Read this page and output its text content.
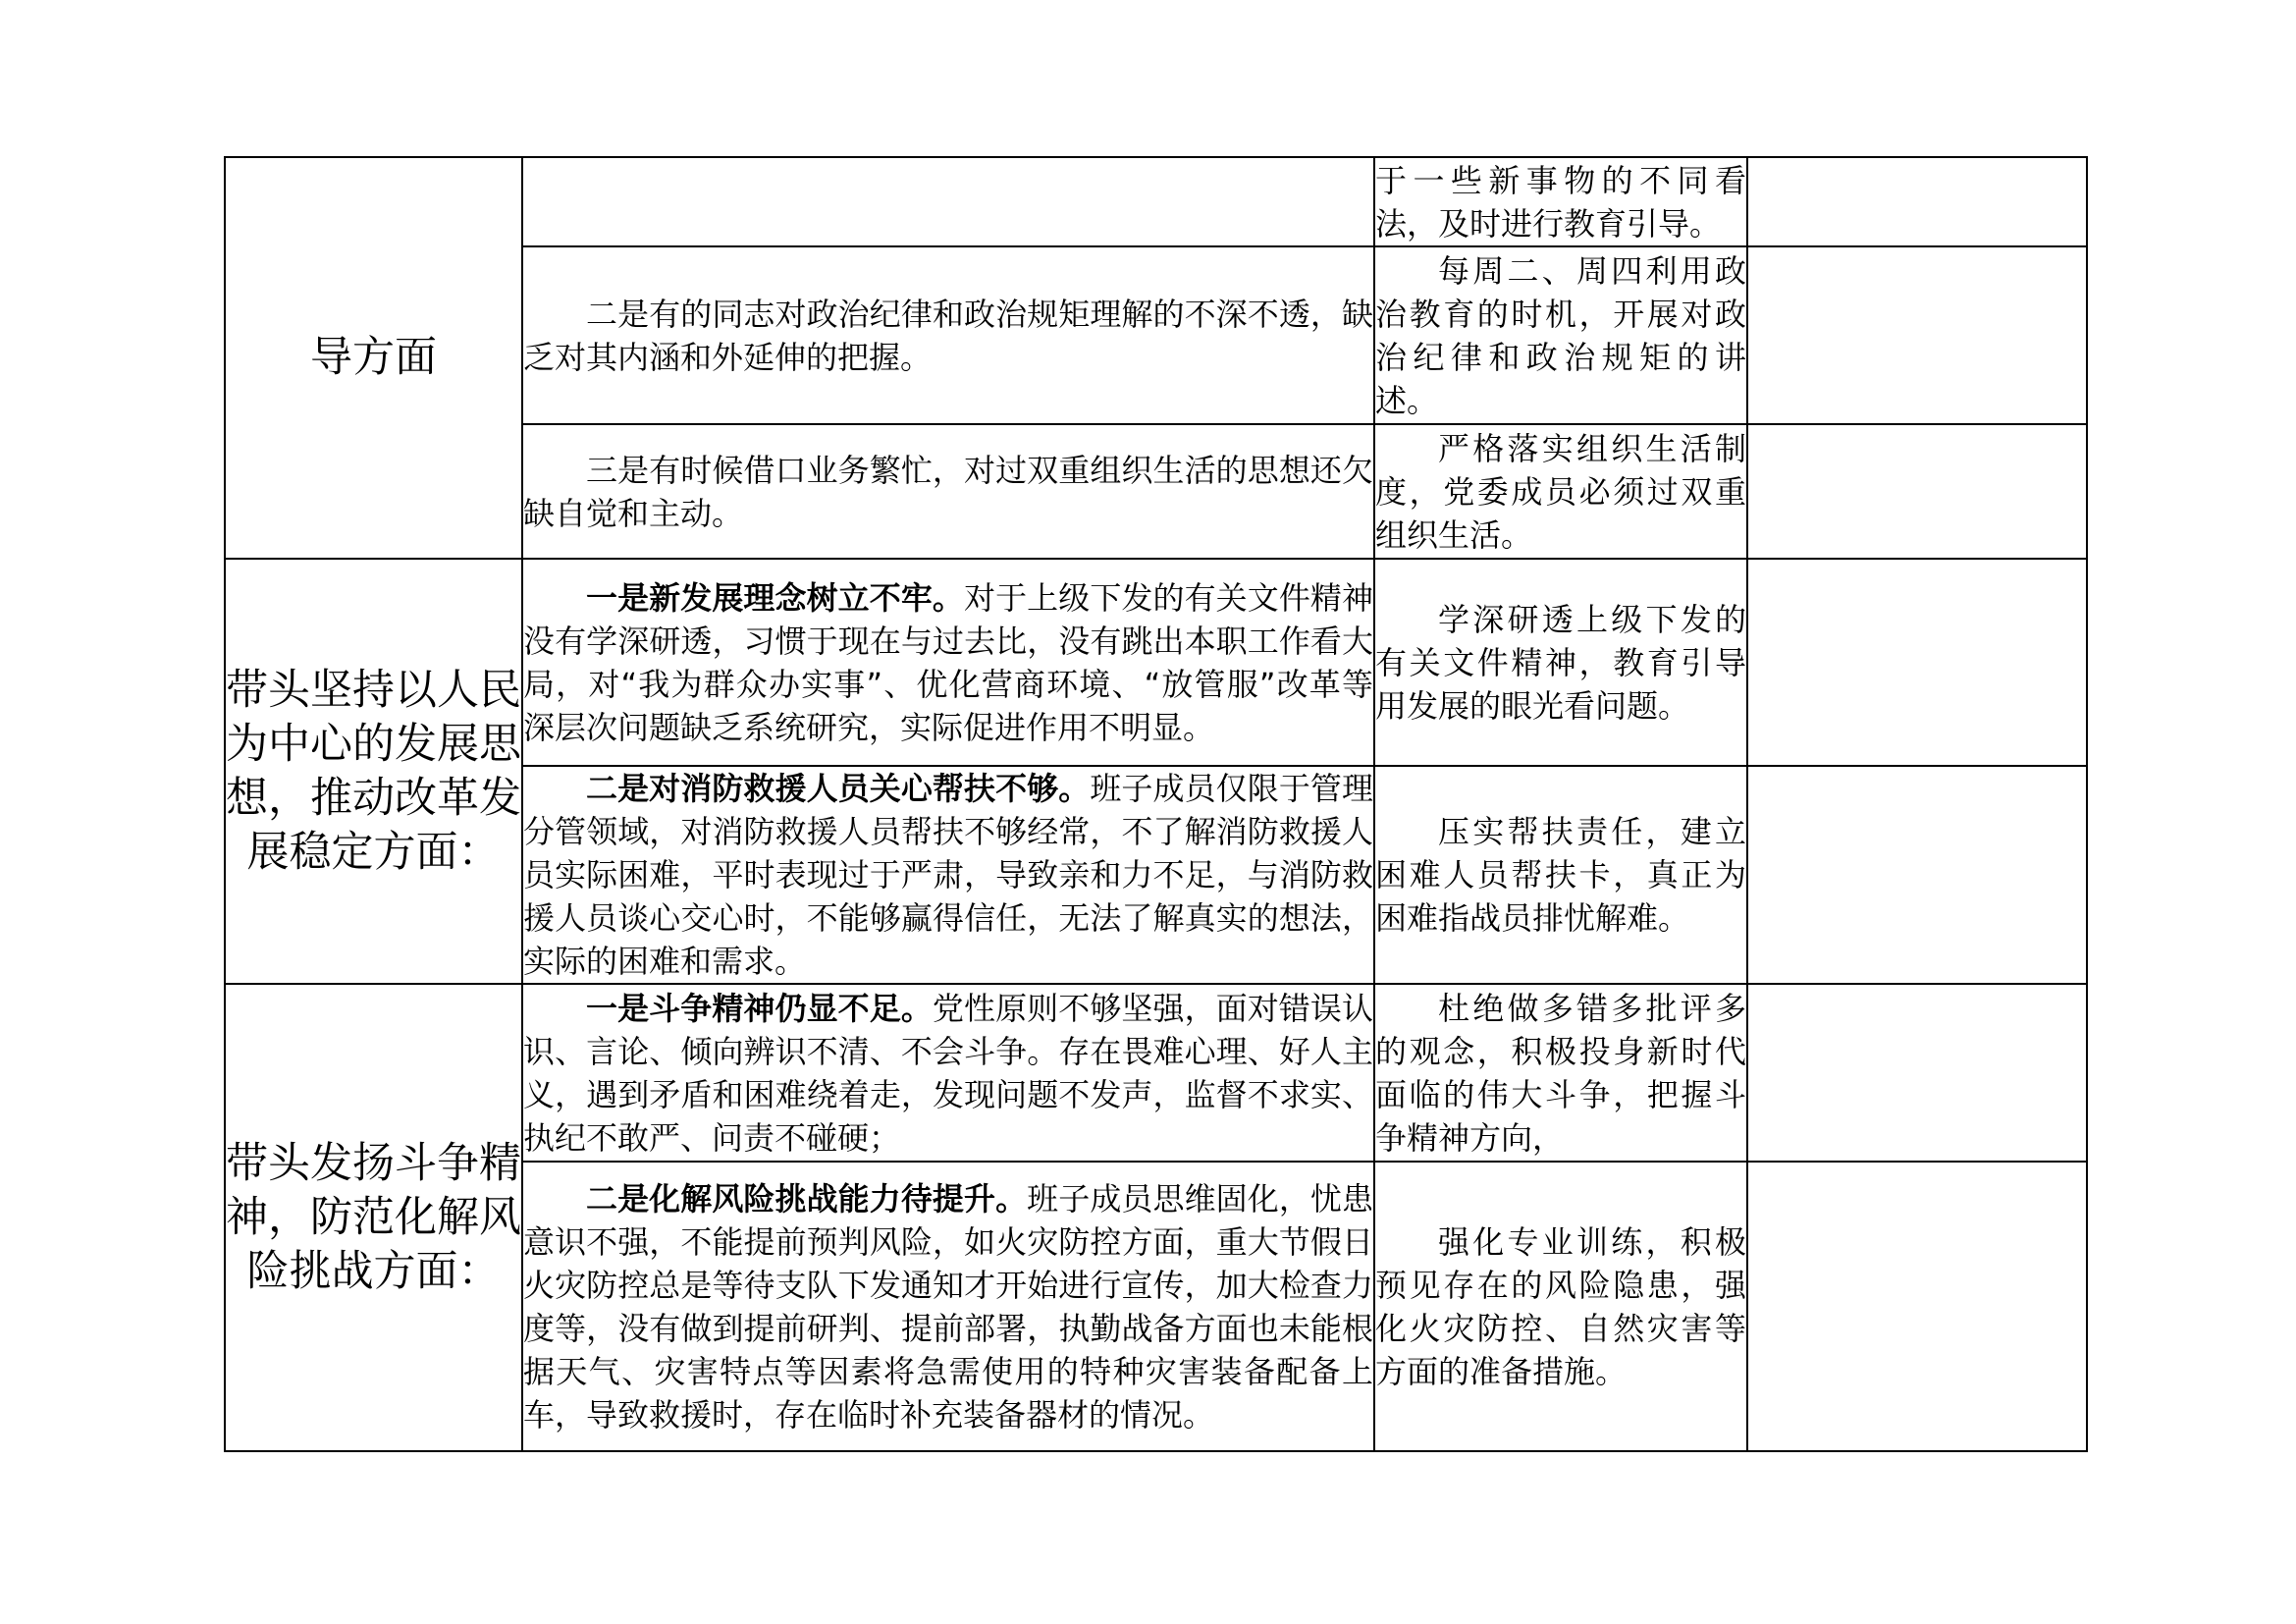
导方面		于一些新事物的不同看法，及时进行教育引导。	

	二是有的同志对政治纪律和政治规矩理解的不深不透，缺乏对其内涵和外延伸的把握。	每周二、周四利用政治教育的时机，开展对政治纪律和政治规矩的讲述。	

	三是有时候借口业务繁忙，对过双重组织生活的思想还欠缺自觉和主动。	严格落实组织生活制度，党委成员必须过双重组织生活。	

带头坚持以人民为中心的发展思想，推动改革发展稳定方面：	一是新发展理念树立不牢。对于上级下发的有关文件精神没有学深研透，习惯于现在与过去比，没有跳出本职工作看大局，对“我为群众办实事”、优化营商环境、“放管服”改革等深层次问题缺乏系统研究，实际促进作用不明显。	学深研透上级下发的有关文件精神，教育引导用发展的眼光看问题。	

	二是对消防救援人员关心帮扶不够。班子成员仅限于管理分管领域，对消防救援人员帮扶不够经常，不了解消防救援人员实际困难，平时表现过于严肃，导致亲和力不足，与消防救援人员谈心交心时，不能够赢得信任，无法了解真实的想法，实际的困难和需求。	压实帮扶责任，建立困难人员帮扶卡，真正为困难指战员排忧解难。	

带头发扬斗争精神，防范化解风险挑战方面：	一是斗争精神仍显不足。党性原则不够坚强，面对错误认识、言论、倾向辨识不清、不会斗争。存在畏难心理、好人主义，遇到矛盾和困难绕着走，发现问题不发声，监督不求实、执纪不敢严、问责不碰硬；	杜绝做多错多批评多的观念，积极投身新时代面临的伟大斗争，把握斗争精神方向，	

	二是化解风险挑战能力待提升。班子成员思维固化，忧患意识不强，不能提前预判风险，如火灾防控方面，重大节假日火灾防控总是等待支队下发通知才开始进行宣传，加大检查力度等，没有做到提前研判、提前部署，执勤战备方面也未能根据天气、灾害特点等因素将急需使用的特种灾害装备配备上车，导致救援时，存在临时补充装备器材的情况。	强化专业训练，积极预见存在的风险隐患，强化火灾防控、自然灾害等方面的准备措施。	
